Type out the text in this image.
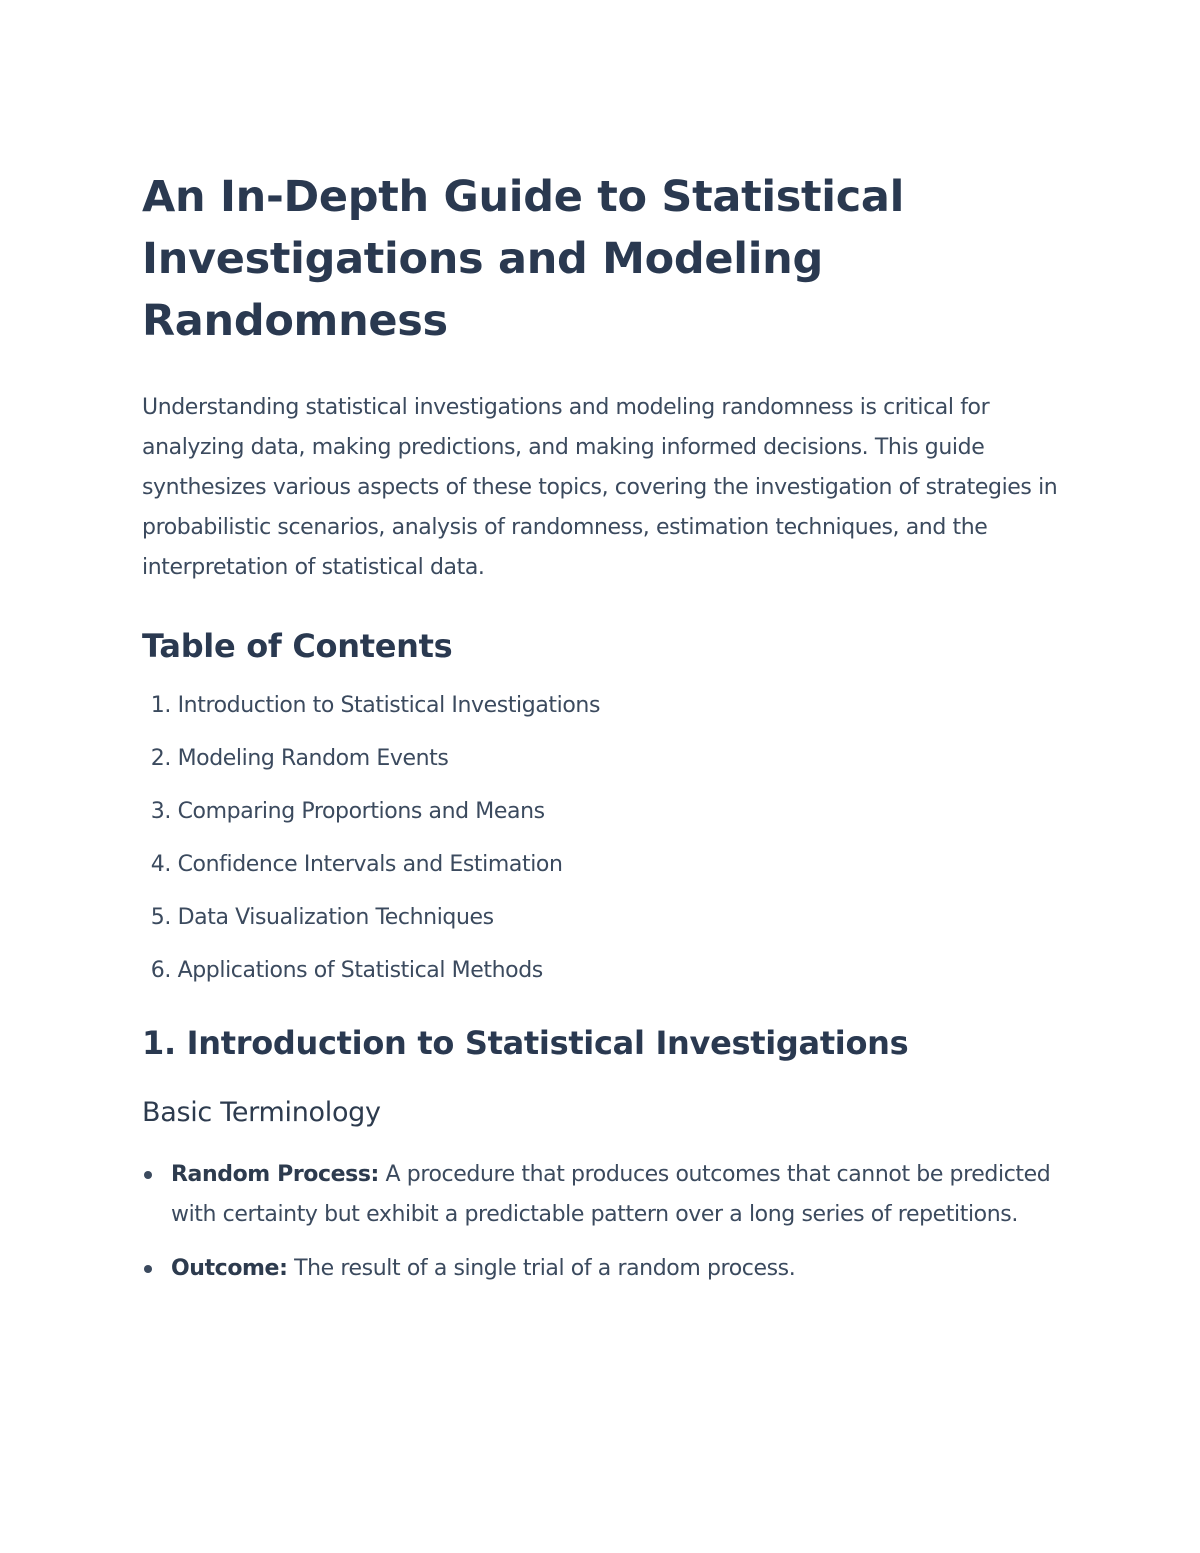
An In-Depth Guide to Statistical Investigations and Modeling Randomness

Understanding statistical investigations and modeling randomness is critical for analyzing data, making predictions, and making informed decisions. This guide synthesizes various aspects of these topics, covering the investigation of strategies in probabilistic scenarios, analysis of randomness, estimation techniques, and the interpretation of statistical data.

Table of Contents
1. Introduction to Statistical Investigations
2. Modeling Random Events
3. Comparing Proportions and Means
4. Confidence Intervals and Estimation
5. Data Visualization Techniques
6. Applications of Statistical Methods
1. Introduction to Statistical Investigations
Basic Terminology
Random Process: A procedure that produces outcomes that cannot be predicted with certainty but exhibit a predictable pattern over a long series of repetitions.
Outcome: The result of a single trial of a random process.
